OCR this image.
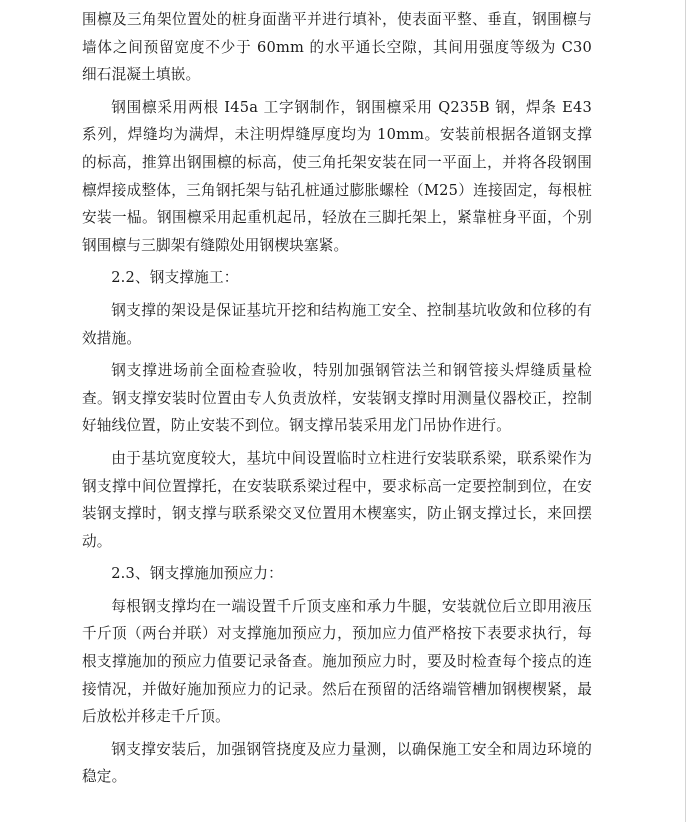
围檩及三角架位置处的桩身面凿平并进行填补，使表面平整、垂直，钢围檩与墙体之间预留宽度不少于 60mm 的水平通长空隙，其间用强度等级为 C30 细石混凝土填嵌。

钢围檩采用两根 I45a 工字钢制作，钢围檩采用 Q235B 钢，焊条 E43 系列，焊缝均为满焊，未注明焊缝厚度均为 10mm。安装前根据各道钢支撑的标高，推算出钢围檩的标高，使三角托架安装在同一平面上，并将各段钢围檩焊接成整体，三角钢托架与钻孔桩通过膨胀螺栓（M25）连接固定，每根桩安装一榀。钢围檩采用起重机起吊，轻放在三脚托架上，紧靠桩身平面，个别钢围檩与三脚架有缝隙处用钢楔块塞紧。

2.2、钢支撑施工：

钢支撑的架设是保证基坑开挖和结构施工安全、控制基坑收敛和位移的有效措施。

钢支撑进场前全面检查验收，特别加强钢管法兰和钢管接头焊缝质量检查。钢支撑安装时位置由专人负责放样，安装钢支撑时用测量仪器校正，控制好轴线位置，防止安装不到位。钢支撑吊装采用龙门吊协作进行。

由于基坑宽度较大，基坑中间设置临时立柱进行安装联系梁，联系梁作为钢支撑中间位置撑托，在安装联系梁过程中，要求标高一定要控制到位，在安装钢支撑时，钢支撑与联系梁交叉位置用木楔塞实，防止钢支撑过长，来回摆动。

2.3、钢支撑施加预应力：

每根钢支撑均在一端设置千斤顶支座和承力牛腿，安装就位后立即用液压千斤顶（两台并联）对支撑施加预应力，预加应力值严格按下表要求执行，每根支撑施加的预应力值要记录备查。施加预应力时，要及时检查每个接点的连接情况，并做好施加预应力的记录。然后在预留的活络端管槽加钢楔楔紧，最后放松并移走千斤顶。

钢支撑安装后，加强钢管挠度及应力量测，以确保施工安全和周边环境的稳定。
